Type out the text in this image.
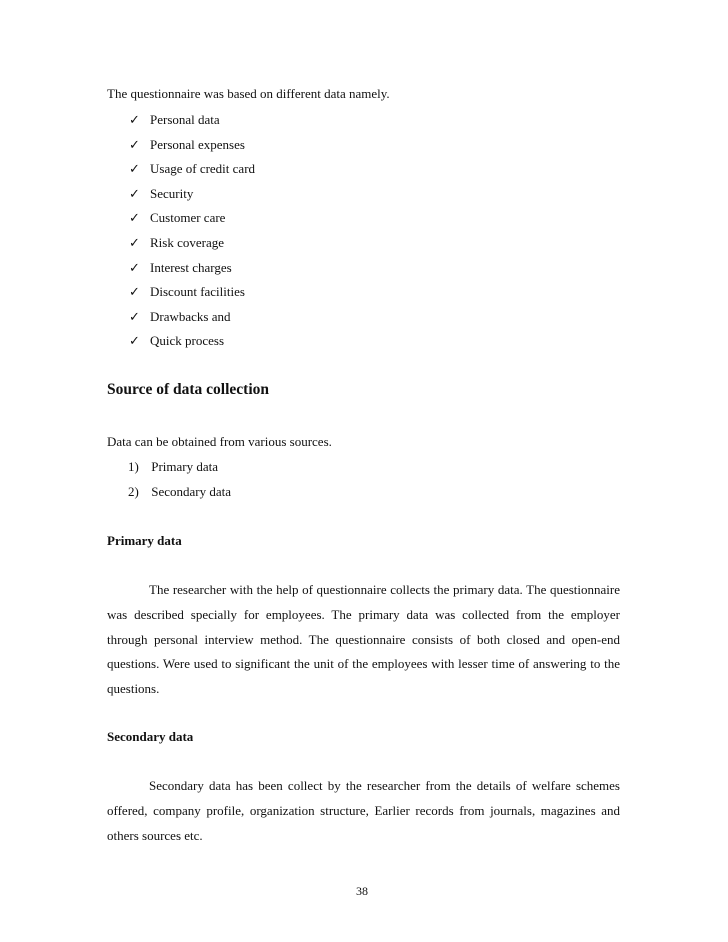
The questionnaire was based on different data namely.
✓ Personal data
✓ Personal expenses
✓ Usage of credit card
✓ Security
✓ Customer care
✓ Risk coverage
✓ Interest charges
✓ Discount facilities
✓ Drawbacks and
✓ Quick process
Source of data collection
Data can be obtained from various sources.
1) Primary data
2) Secondary data
Primary data

The researcher with the help of questionnaire collects the primary data. The questionnaire was described specially for employees. The primary data was collected from the employer through personal interview method. The questionnaire consists of both closed and open-end questions. Were used to significant the unit of the employees with lesser time of answering to the questions.

Secondary data

Secondary data has been collect by the researcher from the details of welfare schemes offered, company profile, organization structure, Earlier records from journals, magazines and others sources etc.

38
